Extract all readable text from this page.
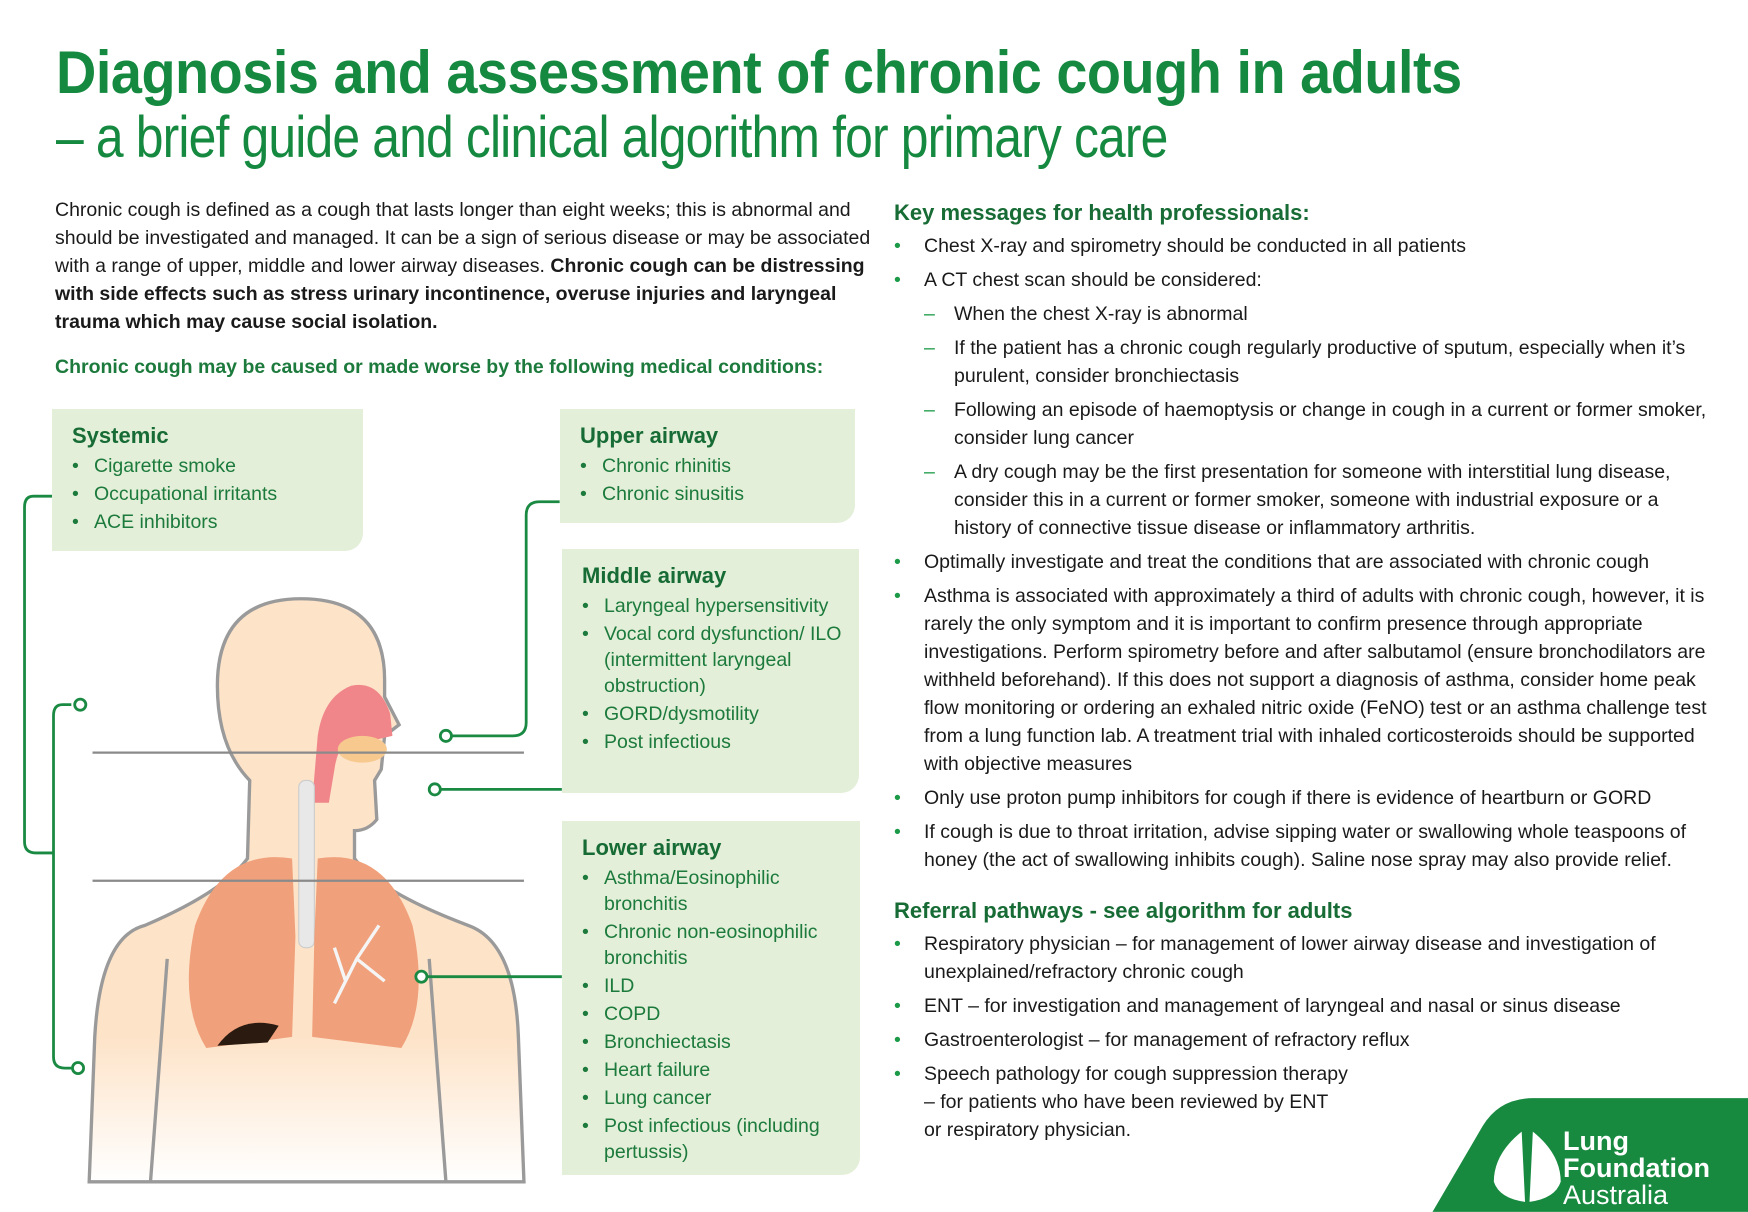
Diagnosis and assessment of chronic cough in adults
– a brief guide and clinical algorithm for primary care

Chronic cough is defined as a cough that lasts longer than eight weeks; this is abnormal and should be investigated and managed. It can be a sign of serious disease or may be associated with a range of upper, middle and lower airway diseases. Chronic cough can be distressing with side effects such as stress urinary incontinence, overuse injuries and laryngeal trauma which may cause social isolation.

Chronic cough may be caused or made worse by the following medical conditions:
Systemic
• Cigarette smoke
• Occupational irritants
• ACE inhibitors
Upper airway
• Chronic rhinitis
• Chronic sinusitis
Middle airway
• Laryngeal hypersensitivity
• Vocal cord dysfunction/ ILO (intermittent laryngeal obstruction)
• GORD/dysmotility
• Post infectious
Lower airway
• Asthma/Eosinophilic bronchitis
• Chronic non-eosinophilic bronchitis
• ILD
• COPD
• Bronchiectasis
• Heart failure
• Lung cancer
• Post infectious (including pertussis)
Key messages for health professionals:
• Chest X-ray and spirometry should be conducted in all patients
• A CT chest scan should be considered:
– When the chest X-ray is abnormal
– If the patient has a chronic cough regularly productive of sputum, especially when it’s purulent, consider bronchiectasis
– Following an episode of haemoptysis or change in cough in a current or former smoker, consider lung cancer
– A dry cough may be the first presentation for someone with interstitial lung disease, consider this in a current or former smoker, someone with industrial exposure or a history of connective tissue disease or inflammatory arthritis.
• Optimally investigate and treat the conditions that are associated with chronic cough
• Asthma is associated with approximately a third of adults with chronic cough, however, it is rarely the only symptom and it is important to confirm presence through appropriate investigations. Perform spirometry before and after salbutamol (ensure bronchodilators are withheld beforehand). If this does not support a diagnosis of asthma, consider home peak flow monitoring or ordering an exhaled nitric oxide (FeNO) test or an asthma challenge test from a lung function lab. A treatment trial with inhaled corticosteroids should be supported with objective measures
• Only use proton pump inhibitors for cough if there is evidence of heartburn or GORD
• If cough is due to throat irritation, advise sipping water or swallowing whole teaspoons of honey (the act of swallowing inhibits cough). Saline nose spray may also provide relief.
Referral pathways - see algorithm for adults
• Respiratory physician – for management of lower airway disease and investigation of unexplained/refractory chronic cough
• ENT – for investigation and management of laryngeal and nasal or sinus disease
• Gastroenterologist – for management of refractory reflux
• Speech pathology for cough suppression therapy
– for patients who have been reviewed by ENT
or respiratory physician.	Lung
Foundation
Australia
